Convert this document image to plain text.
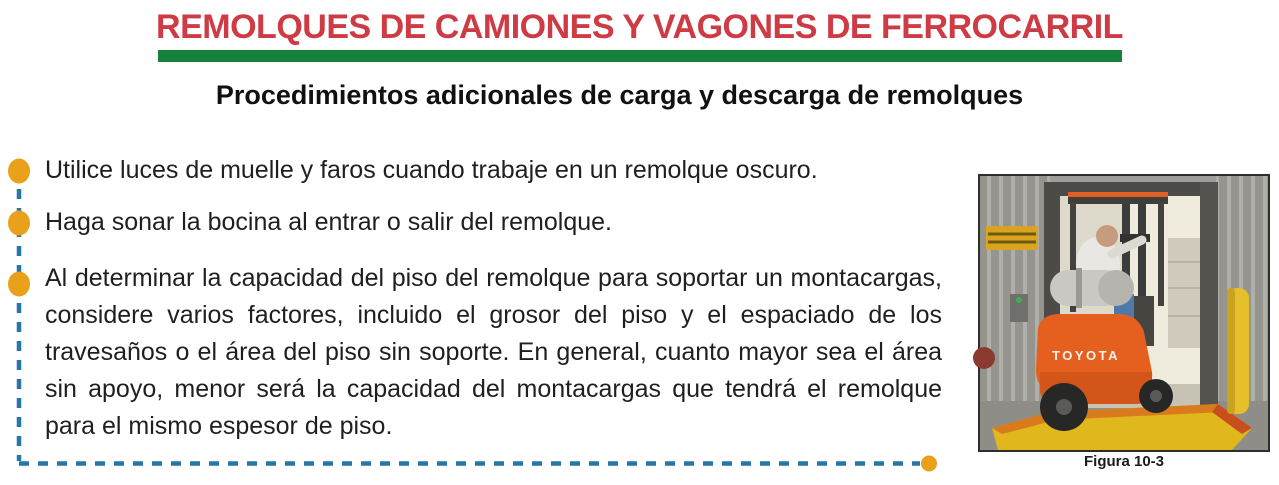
REMOLQUES DE CAMIONES Y VAGONES DE FERROCARRIL
Procedimientos adicionales de carga y descarga de remolques
Utilice luces de muelle y faros cuando trabaje en un remolque oscuro.
Haga sonar la bocina al entrar o salir del remolque.
Al determinar la capacidad del piso del remolque para soportar un montacargas, considere varios factores, incluido el grosor del piso y el espaciado de los travesaños o el área del piso sin soporte. En general, cuanto mayor sea el área sin apoyo, menor será la capacidad del montacargas que tendrá el remolque para el mismo espesor de piso.
TOYOTA
Figura 10-3
